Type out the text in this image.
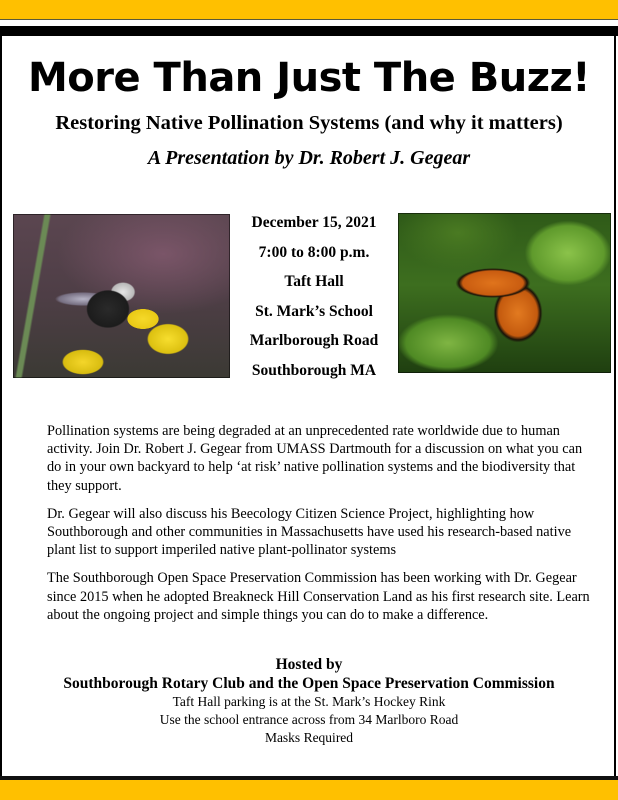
More Than Just The Buzz!
Restoring Native Pollination Systems (and why it matters)
A Presentation by Dr. Robert J. Gegear
December 15, 2021
7:00 to 8:00 p.m.
Taft Hall
St. Mark’s School
Marlborough Road
Southborough MA

Pollination systems are being degraded at an unprecedented rate worldwide due to human activity. Join Dr. Robert J. Gegear from UMASS Dartmouth for a discussion on what you can do in your own backyard to help ‘at risk’ native pollination systems and the biodiversity that they support.

Dr. Gegear will also discuss his Beecology Citizen Science Project, highlighting how Southborough and other communities in Massachusetts have used his research-based native plant list to support imperiled native plant-pollinator systems

The Southborough Open Space Preservation Commission has been working with Dr. Gegear since 2015 when he adopted Breakneck Hill Conservation Land as his first research site. Learn about the ongoing project and simple things you can do to make a difference.

Hosted by
Southborough Rotary Club and the Open Space Preservation Commission
Taft Hall parking is at the St. Mark’s Hockey Rink
Use the school entrance across from 34 Marlboro Road
Masks Required
